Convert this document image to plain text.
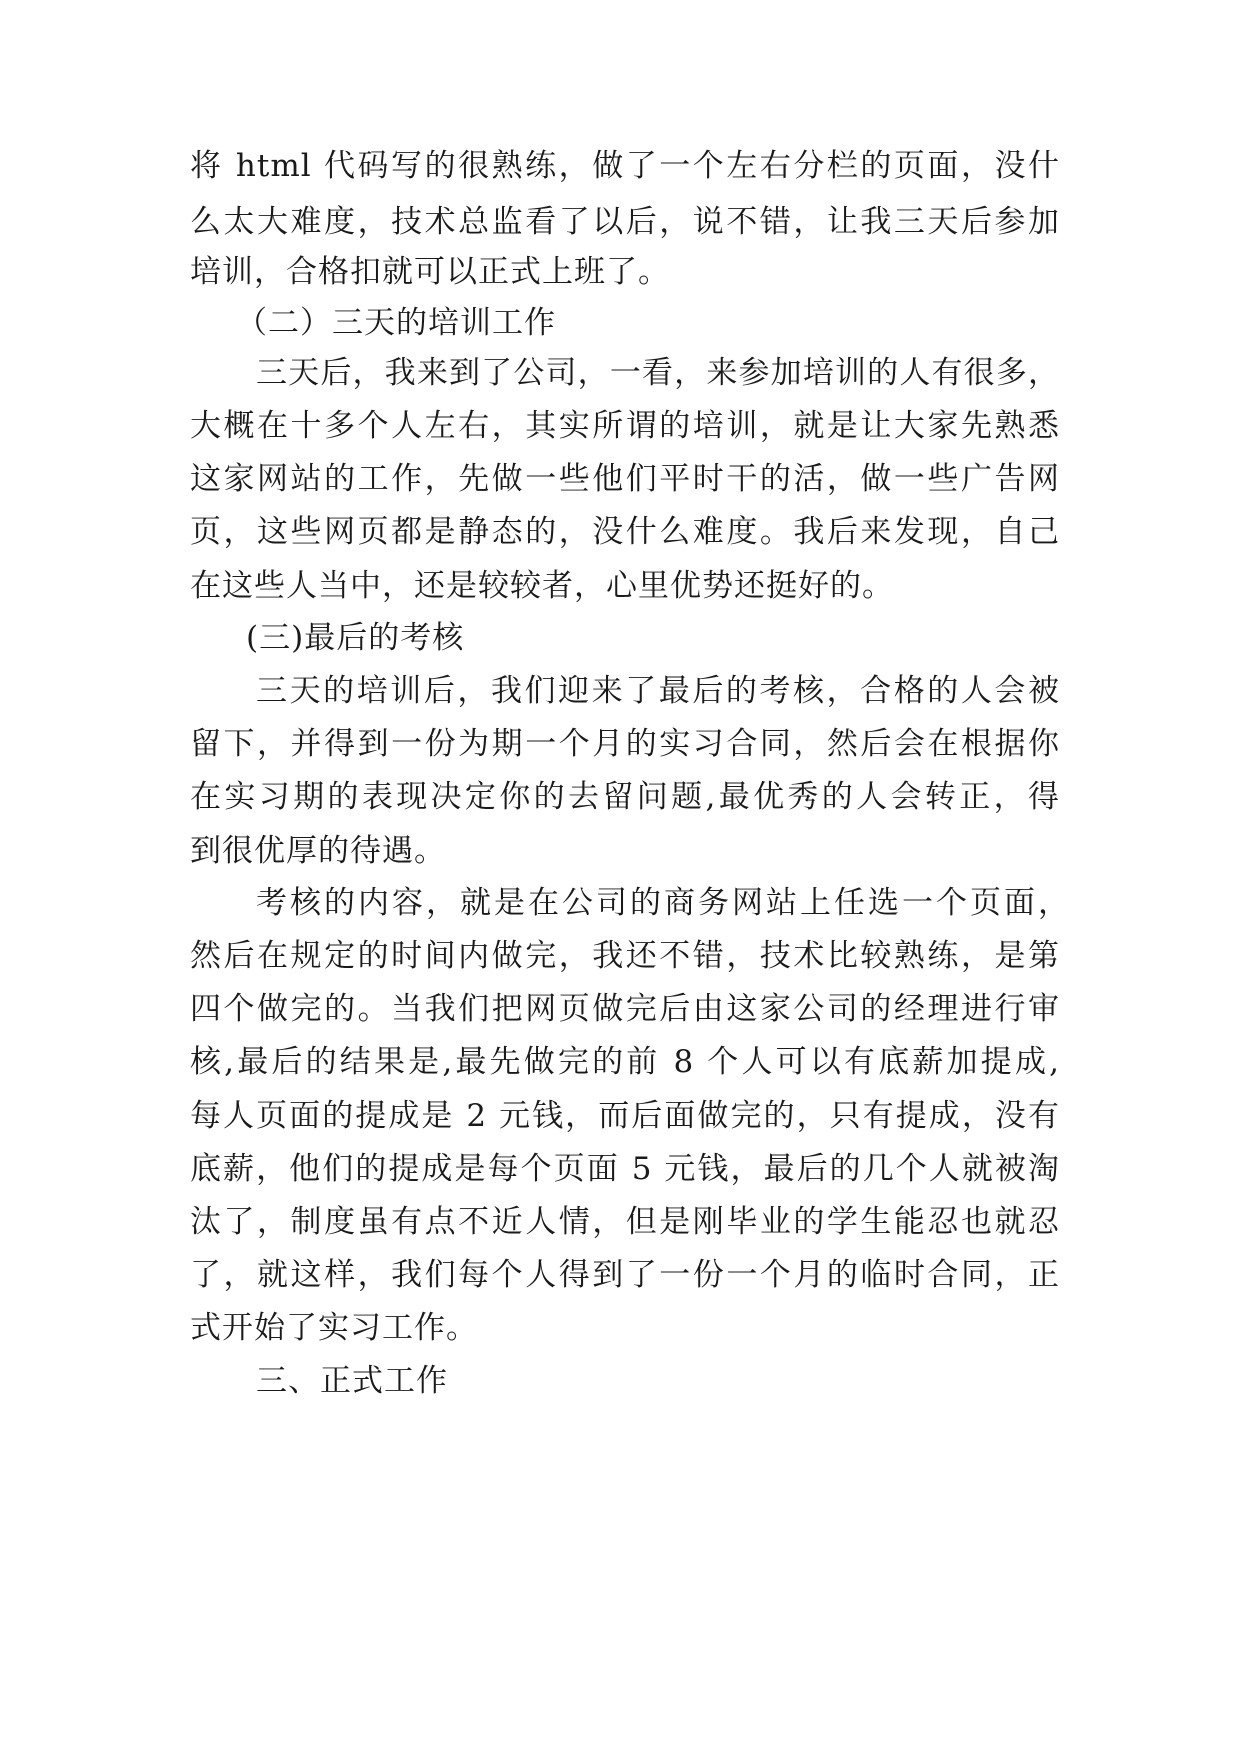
将 html 代码写的很熟练，做了一个左右分栏的页面，没什
么太大难度，技术总监看了以后，说不错，让我三天后参加
培训，合格扣就可以正式上班了。
（二）三天的培训工作
三天后，我来到了公司，一看，来参加培训的人有很多，
大概在十多个人左右，其实所谓的培训，就是让大家先熟悉
这家网站的工作，先做一些他们平时干的活，做一些广告网
页，这些网页都是静态的，没什么难度。我后来发现，自己
在这些人当中，还是较较者，心里优势还挺好的。
(三)最后的考核
三天的培训后，我们迎来了最后的考核，合格的人会被
留下，并得到一份为期一个月的实习合同，然后会在根据你
在实习期的表现决定你的去留问题,最优秀的人会转正，得
到很优厚的待遇。
考核的内容，就是在公司的商务网站上任选一个页面，
然后在规定的时间内做完，我还不错，技术比较熟练，是第
四个做完的。当我们把网页做完后由这家公司的经理进行审
核,最后的结果是,最先做完的前 8 个人可以有底薪加提成,
每人页面的提成是 2 元钱，而后面做完的，只有提成，没有
底薪，他们的提成是每个页面 5 元钱，最后的几个人就被淘
汰了，制度虽有点不近人情，但是刚毕业的学生能忍也就忍
了，就这样，我们每个人得到了一份一个月的临时合同，正
式开始了实习工作。
三、正式工作
